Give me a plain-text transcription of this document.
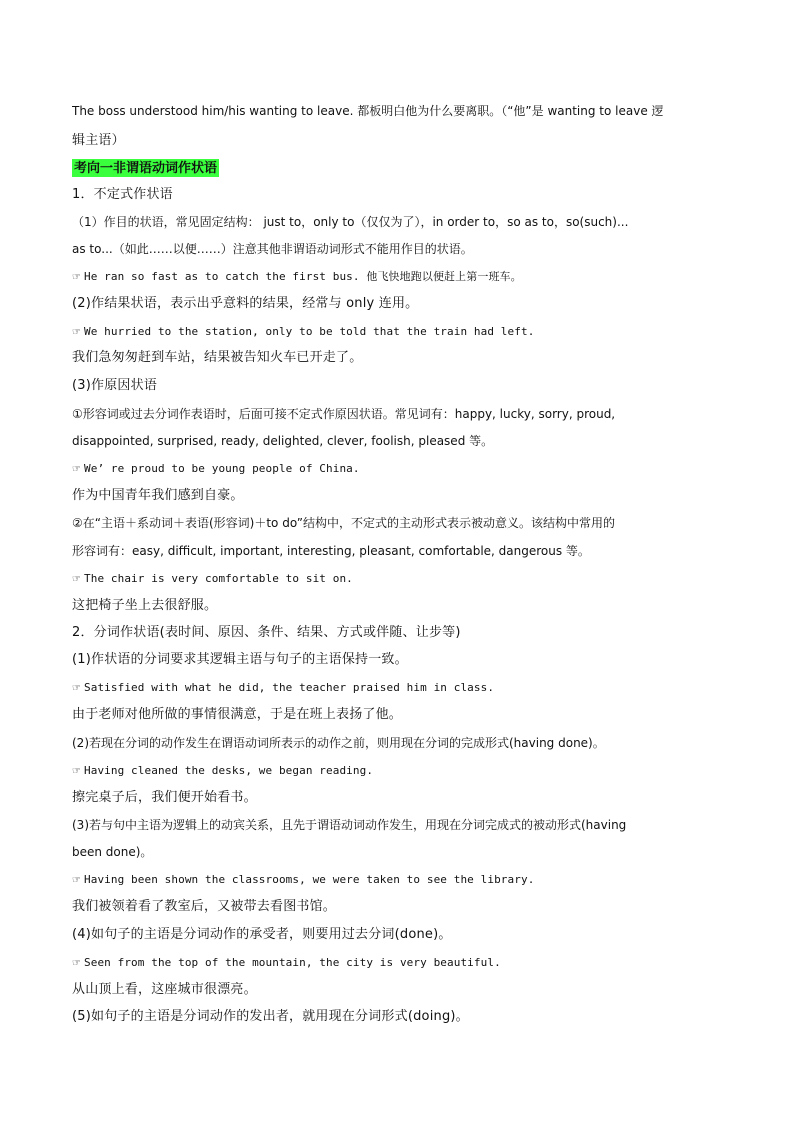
The boss understood him/his wanting to leave. 都板明白他为什么要离职。（“他”是 wanting to leave 逻
辑主语）
考向一非谓语动词作状语
1．不定式作状语
（1）作目的状语，常见固定结构： just to，only to（仅仅为了），in order to，so as to，so(such)...
as to...（如此……以便……）注意其他非谓语动词形式不能用作目的状语。
☞ He ran so fast as to catch the first bus. 他飞快地跑以便赶上第一班车。
(2)作结果状语，表示出乎意料的结果，经常与 only 连用。
☞ We hurried to the station, only to be told that the train had left.
我们急匆匆赶到车站，结果被告知火车已开走了。
(3)作原因状语
①形容词或过去分词作表语时，后面可接不定式作原因状语。常见词有：happy, lucky, sorry, proud,
disappointed, surprised, ready, delighted, clever, foolish, pleased 等。
☞ We’ re proud to be young people of China.
作为中国青年我们感到自豪。
②在“主语＋系动词＋表语(形容词)＋to do”结构中，不定式的主动形式表示被动意义。该结构中常用的
形容词有：easy, difficult, important, interesting, pleasant, comfortable, dangerous 等。
☞ The chair is very comfortable to sit on.
这把椅子坐上去很舒服。
2．分词作状语(表时间、原因、条件、结果、方式或伴随、让步等)
(1)作状语的分词要求其逻辑主语与句子的主语保持一致。
☞ Satisfied with what he did, the teacher praised him in class.
由于老师对他所做的事情很满意，于是在班上表扬了他。
(2)若现在分词的动作发生在谓语动词所表示的动作之前，则用现在分词的完成形式(having done)。
☞ Having cleaned the desks, we began reading.
擦完桌子后，我们便开始看书。
(3)若与句中主语为逻辑上的动宾关系，且先于谓语动词动作发生，用现在分词完成式的被动形式(having
been done)。
☞ Having been shown the classrooms, we were taken to see the library.
我们被领着看了教室后，又被带去看图书馆。
(4)如句子的主语是分词动作的承受者，则要用过去分词(done)。
☞ Seen from the top of the mountain, the city is very beautiful.
从山顶上看，这座城市很漂亮。
(5)如句子的主语是分词动作的发出者，就用现在分词形式(doing)。
